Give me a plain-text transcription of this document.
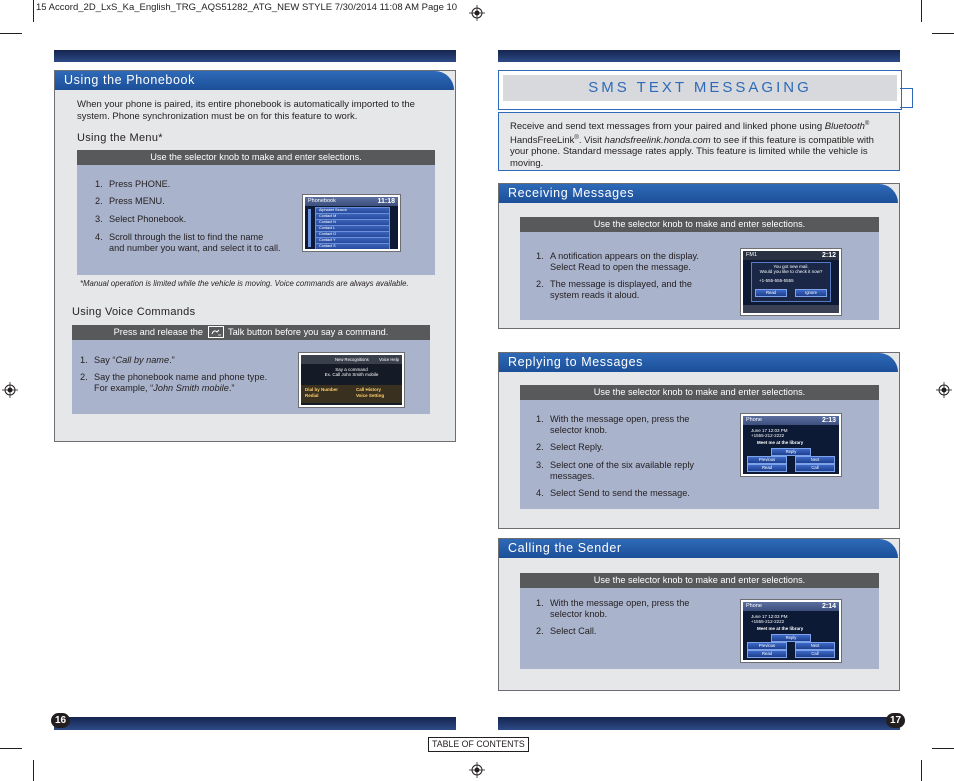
15 Accord_2D_LxS_Ka_English_TRG_AQS51282_ATG_NEW STYLE 7/30/2014 11:08 AM Page 10
Using the Phonebook
When your phone is paired, its entire phonebook is automatically imported to the system. Phone synchronization must be on for this feature to work.
Using the Menu*
Use the selector knob to make and enter selections.
1. Press PHONE.
2. Press MENU.
3. Select Phonebook.
4. Scroll through the list to find the name and number you want, and select it to call.
Phonebook	11:18
Alphabet Search
Contact M
Contact N
Contact L
Contact O
Contact Y
Contact S
*Manual operation is limited while the vehicle is moving. Voice commands are always available.
Using Voice Commands
Press and release the	Talk button before you say a command.
1. Say “Call by name.”
2. Say the phonebook name and phone type. For example, “John Smith mobile.”
New Recognitions Voice Help
Say a command
Ex. Call John Smith mobile
Dial by Number
Redial
Call History
Voice Setting
SMS TEXT MESSAGING
Receive and send text messages from your paired and linked phone using Bluetooth® HandsFreeLink®. Visit handsfreelink.honda.com to see if this feature is compatible with your phone. Standard message rates apply. This feature is limited while the vehicle is moving.
Receiving Messages
Use the selector knob to make and enter selections.
1. A notification appears on the display. Select Read to open the message.
2. The message is displayed, and the system reads it aloud.
FM1	2:12
You got new mail.
Would you like to check it now?
+1-555-555-5555
Read	Ignore
Replying to Messages
Use the selector knob to make and enter selections.
1. With the message open, press the selector knob.
2. Select Reply.
3. Select one of the six available reply messages.
4. Select Send to send the message.
Phone	2:13
June 17 12:03 PM
+1555-212-2222
Meet me at the library
Reply
Previous	Next
Read	Call
Calling the Sender
Use the selector knob to make and enter selections.
1. With the message open, press the selector knob.
2. Select Call.
Phone	2:14
June 17 12:03 PM
+1555-212-2222
Meet me at the library
Reply
Previous	Next
Read	Call
16	17
TABLE OF CONTENTS
